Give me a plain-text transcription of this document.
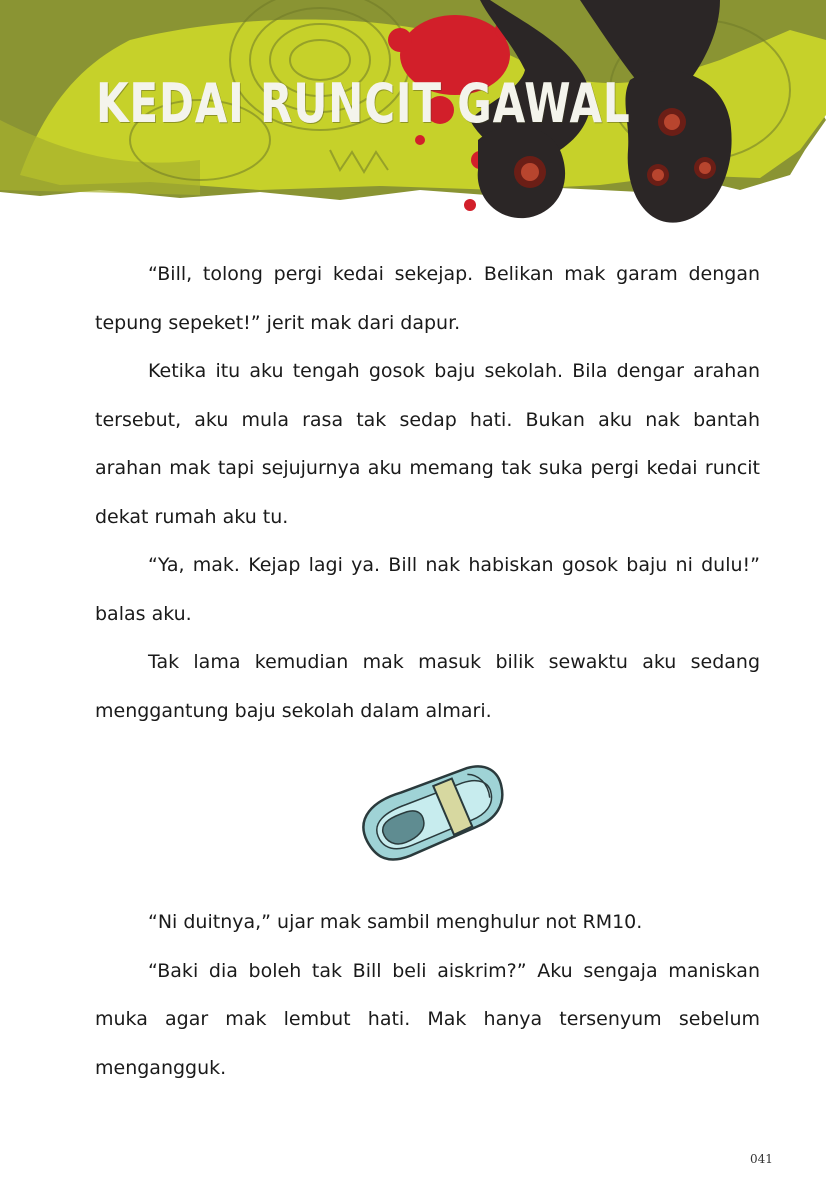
KEDAI RUNCIT GAWAL

“Bill, tolong pergi kedai sekejap. Belikan mak garam dengan tepung sepeket!” jerit mak dari dapur.

Ketika itu aku tengah gosok baju sekolah. Bila dengar arahan tersebut, aku mula rasa tak sedap hati. Bukan aku nak bantah arahan mak tapi sejujurnya aku memang tak suka pergi kedai runcit dekat rumah aku tu.

“Ya, mak. Kejap lagi ya. Bill nak habiskan gosok baju ni dulu!” balas aku.

Tak lama kemudian mak masuk bilik sewaktu aku sedang menggantung baju sekolah dalam almari.

“Ni duitnya,” ujar mak sambil menghulur not RM10.

“Baki dia boleh tak Bill beli aiskrim?” Aku sengaja maniskan muka agar mak lembut hati. Mak hanya tersenyum sebelum mengangguk.

041
